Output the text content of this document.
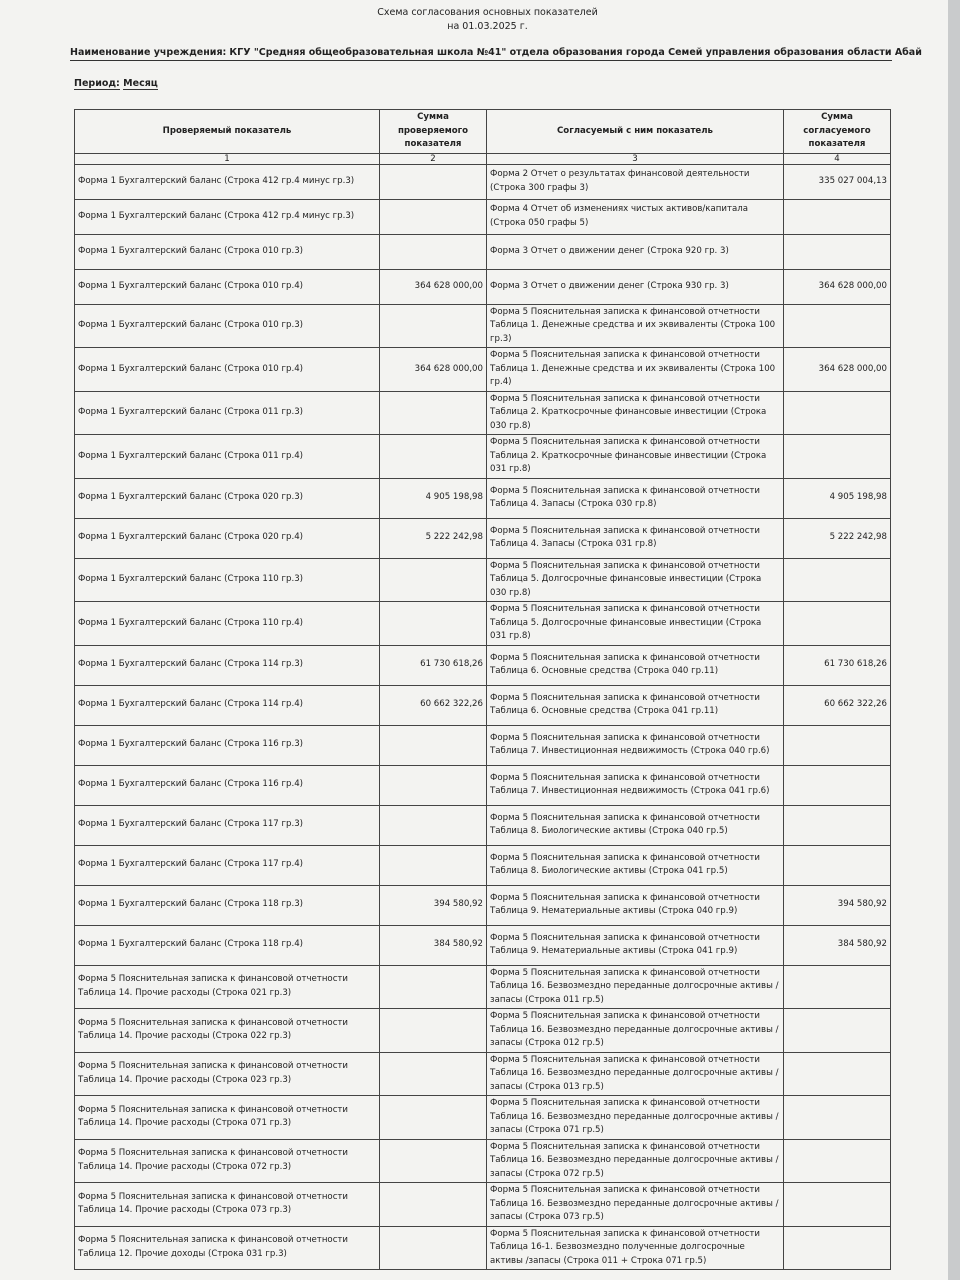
Схема согласования основных показателей
на 01.03.2025 г.
Наименование учреждения: КГУ "Средняя общеобразовательная школа №41" отдела образования города Семей управления образования области Абай
Период: Месяц
Проверяемый показатель	Сумма проверяемого показателя	Согласуемый с ним показатель	Сумма согласуемого показателя
1	2	3	4
Форма 1 Бухгалтерский баланс (Строка 412 гр.4 минус гр.3)		Форма 2 Отчет о результатах финансовой деятельности (Строка 300 графы 3)	335 027 004,13
Форма 1 Бухгалтерский баланс (Строка 412 гр.4 минус гр.3)		Форма 4 Отчет об изменениях чистых активов/капитала (Строка 050 графы 5)	
Форма 1 Бухгалтерский баланс (Строка 010 гр.3)		Форма 3 Отчет о движении денег (Строка 920 гр. 3)	
Форма 1 Бухгалтерский баланс (Строка 010 гр.4)	364 628 000,00	Форма 3 Отчет о движении денег (Строка 930 гр. 3)	364 628 000,00
Форма 1 Бухгалтерский баланс (Строка 010 гр.3)		Форма 5 Пояснительная записка к финансовой отчетности Таблица 1. Денежные средства и их эквиваленты (Строка 100 гр.3)	
Форма 1 Бухгалтерский баланс (Строка 010 гр.4)	364 628 000,00	Форма 5 Пояснительная записка к финансовой отчетности Таблица 1. Денежные средства и их эквиваленты (Строка 100 гр.4)	364 628 000,00
Форма 1 Бухгалтерский баланс (Строка 011 гр.3)		Форма 5 Пояснительная записка к финансовой отчетности Таблица 2. Краткосрочные финансовые инвестиции (Строка 030 гр.8)	
Форма 1 Бухгалтерский баланс (Строка 011 гр.4)		Форма 5 Пояснительная записка к финансовой отчетности Таблица 2. Краткосрочные финансовые инвестиции (Строка 031 гр.8)	
Форма 1 Бухгалтерский баланс (Строка 020 гр.3)	4 905 198,98	Форма 5 Пояснительная записка к финансовой отчетности Таблица 4. Запасы (Строка 030 гр.8)	4 905 198,98
Форма 1 Бухгалтерский баланс (Строка 020 гр.4)	5 222 242,98	Форма 5 Пояснительная записка к финансовой отчетности Таблица 4. Запасы (Строка 031 гр.8)	5 222 242,98
Форма 1 Бухгалтерский баланс (Строка 110 гр.3)		Форма 5 Пояснительная записка к финансовой отчетности Таблица 5. Долгосрочные финансовые инвестиции (Строка 030 гр.8)	
Форма 1 Бухгалтерский баланс (Строка 110 гр.4)		Форма 5 Пояснительная записка к финансовой отчетности Таблица 5. Долгосрочные финансовые инвестиции (Строка 031 гр.8)	
Форма 1 Бухгалтерский баланс (Строка 114 гр.3)	61 730 618,26	Форма 5 Пояснительная записка к финансовой отчетности Таблица 6. Основные средства (Строка 040 гр.11)	61 730 618,26
Форма 1 Бухгалтерский баланс (Строка 114 гр.4)	60 662 322,26	Форма 5 Пояснительная записка к финансовой отчетности Таблица 6. Основные средства (Строка 041 гр.11)	60 662 322,26
Форма 1 Бухгалтерский баланс (Строка 116 гр.3)		Форма 5 Пояснительная записка к финансовой отчетности Таблица 7. Инвестиционная недвижимость (Строка 040 гр.6)	
Форма 1 Бухгалтерский баланс (Строка 116 гр.4)		Форма 5 Пояснительная записка к финансовой отчетности Таблица 7. Инвестиционная недвижимость (Строка 041 гр.6)	
Форма 1 Бухгалтерский баланс (Строка 117 гр.3)		Форма 5 Пояснительная записка к финансовой отчетности Таблица 8. Биологические активы (Строка 040 гр.5)	
Форма 1 Бухгалтерский баланс (Строка 117 гр.4)		Форма 5 Пояснительная записка к финансовой отчетности Таблица 8. Биологические активы (Строка 041 гр.5)	
Форма 1 Бухгалтерский баланс (Строка 118 гр.3)	394 580,92	Форма 5 Пояснительная записка к финансовой отчетности Таблица 9. Нематериальные активы (Строка 040 гр.9)	394 580,92
Форма 1 Бухгалтерский баланс (Строка 118 гр.4)	384 580,92	Форма 5 Пояснительная записка к финансовой отчетности Таблица 9. Нематериальные активы (Строка 041 гр.9)	384 580,92
Форма 5 Пояснительная записка к финансовой отчетности Таблица 14. Прочие расходы (Строка 021 гр.3)		Форма 5 Пояснительная записка к финансовой отчетности Таблица 16. Безвозмездно переданные долгосрочные активы /запасы (Строка 011 гр.5)	
Форма 5 Пояснительная записка к финансовой отчетности Таблица 14. Прочие расходы (Строка 022 гр.3)		Форма 5 Пояснительная записка к финансовой отчетности Таблица 16. Безвозмездно переданные долгосрочные активы /запасы (Строка 012 гр.5)	
Форма 5 Пояснительная записка к финансовой отчетности Таблица 14. Прочие расходы (Строка 023 гр.3)		Форма 5 Пояснительная записка к финансовой отчетности Таблица 16. Безвозмездно переданные долгосрочные активы /запасы (Строка 013 гр.5)	
Форма 5 Пояснительная записка к финансовой отчетности Таблица 14. Прочие расходы (Строка 071 гр.3)		Форма 5 Пояснительная записка к финансовой отчетности Таблица 16. Безвозмездно переданные долгосрочные активы /запасы (Строка 071 гр.5)	
Форма 5 Пояснительная записка к финансовой отчетности Таблица 14. Прочие расходы (Строка 072 гр.3)		Форма 5 Пояснительная записка к финансовой отчетности Таблица 16. Безвозмездно переданные долгосрочные активы /запасы (Строка 072 гр.5)	
Форма 5 Пояснительная записка к финансовой отчетности Таблица 14. Прочие расходы (Строка 073 гр.3)		Форма 5 Пояснительная записка к финансовой отчетности Таблица 16. Безвозмездно переданные долгосрочные активы /запасы (Строка 073 гр.5)	
Форма 5 Пояснительная записка к финансовой отчетности Таблица 12. Прочие доходы (Строка 031 гр.3)		Форма 5 Пояснительная записка к финансовой отчетности Таблица 16-1. Безвозмездно полученные долгосрочные активы /запасы (Строка 011 + Строка 071 гр.5)	
